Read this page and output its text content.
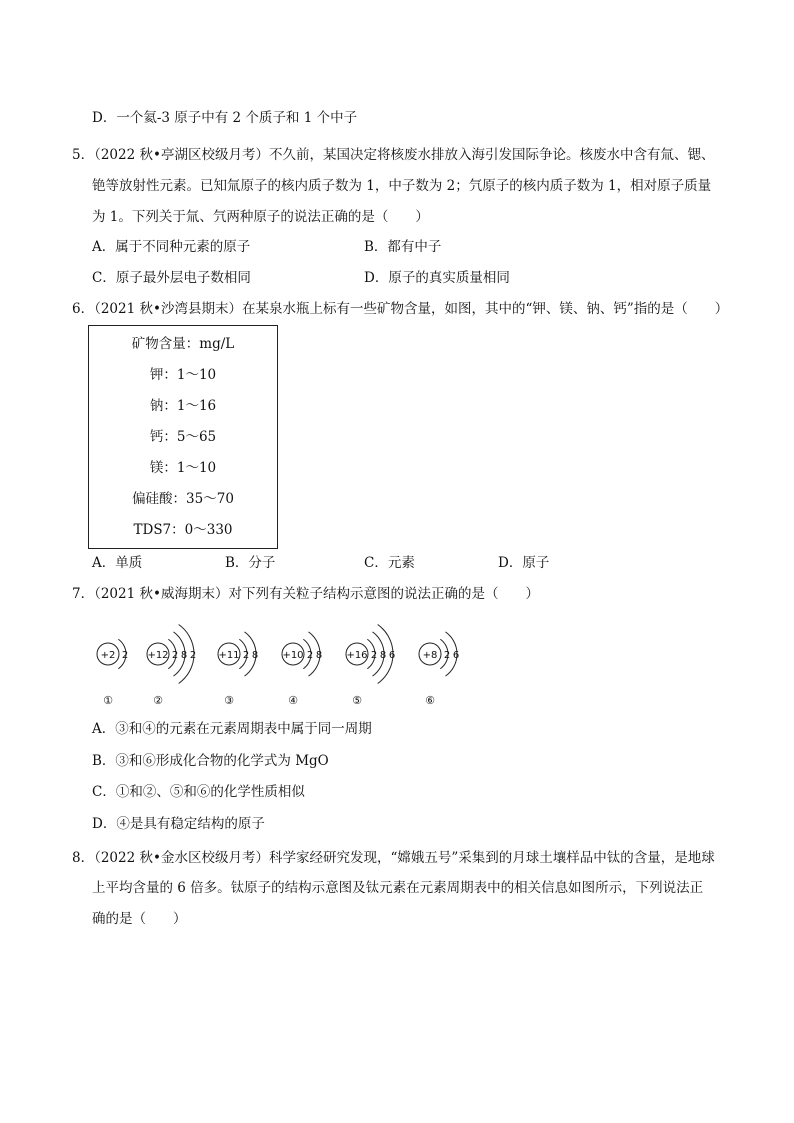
D．一个氦-3 原子中有 2 个质子和 1 个中子
5．（2022 秋•亭湖区校级月考）不久前，某国决定将核废水排放入海引发国际争论。核废水中含有氚、锶、
铯等放射性元素。已知氚原子的核内质子数为 1，中子数为 2；氕原子的核内质子数为 1，相对原子质量
为 1。下列关于氚、氕两种原子的说法正确的是（　　）
A．属于不同种元素的原子	B．都有中子
C．原子最外层电子数相同	D．原子的真实质量相同
6．（2021 秋•沙湾县期末）在某泉水瓶上标有一些矿物含量，如图，其中的“钾、镁、钠、钙”指的是（　　）
矿物含量：mg/L
钾：1～10
钠：1～16
钙：5～65
镁：1～10
偏硅酸：35～70
TDS7：0～330
A．单质	B．分子	C．元素	D．原子
7．（2021 秋•威海期末）对下列有关粒子结构示意图的说法正确的是（　　）
+2 2
①
+12 2 8 2
②
+11 2 8
③
+10 2 8
④
+16 2 8 6
⑤
+8 2 6
⑥
A．③和④的元素在元素周期表中属于同一周期
B．③和⑥形成化合物的化学式为 MgO
C．①和②、⑤和⑥的化学性质相似
D．④是具有稳定结构的原子
8．（2022 秋•金水区校级月考）科学家经研究发现，“嫦娥五号”采集到的月球土壤样品中钛的含量，是地球
上平均含量的 6 倍多。钛原子的结构示意图及钛元素在元素周期表中的相关信息如图所示，下列说法正
确的是（　　）
